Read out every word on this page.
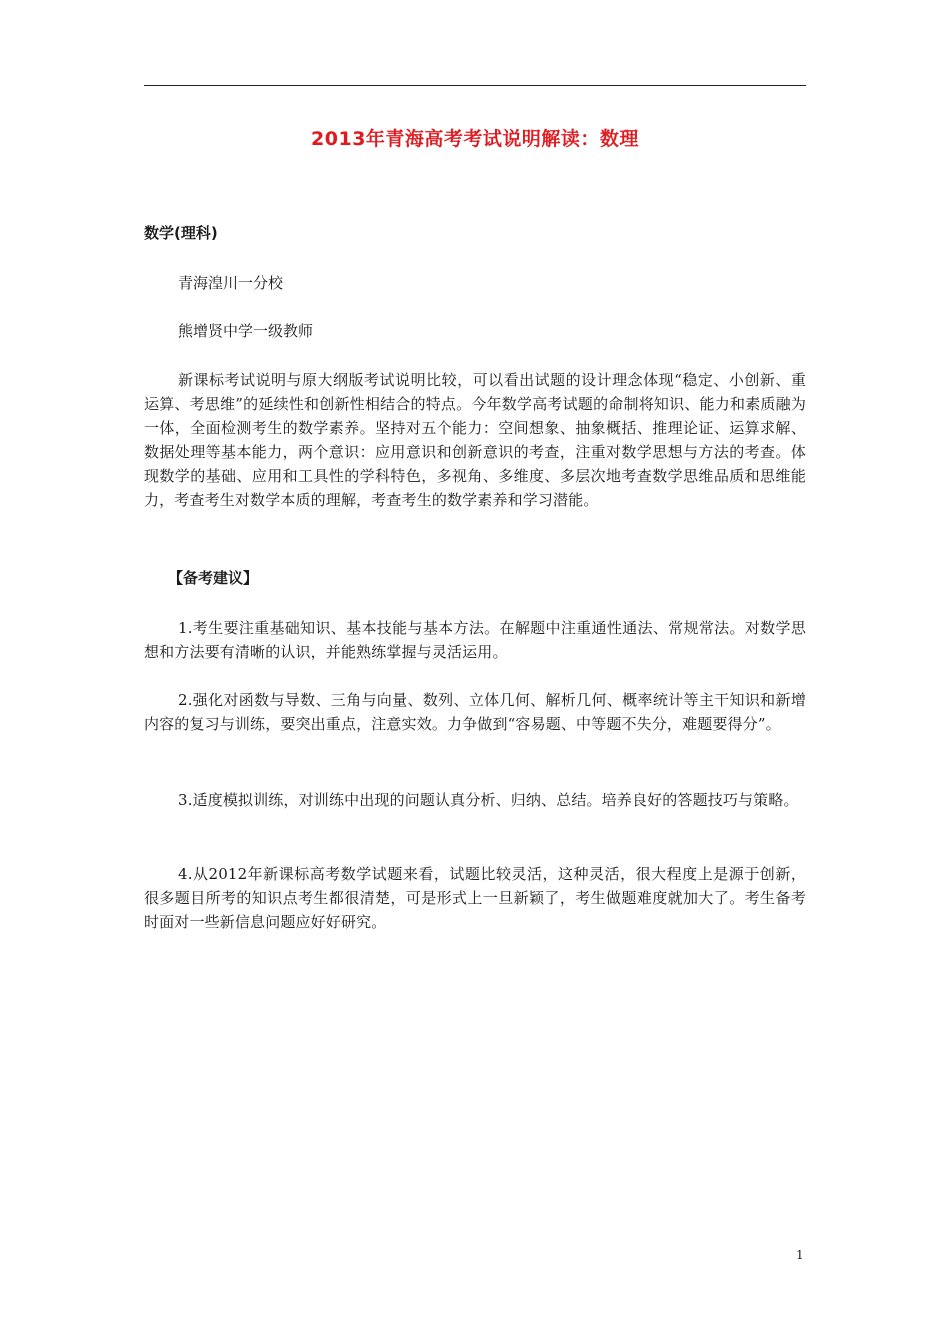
2013年青海高考考试说明解读：数理

数学(理科)

青海湟川一分校

熊增贤中学一级教师

新课标考试说明与原大纲版考试说明比较，可以看出试题的设计理念体现“稳定、小创新、重运算、考思维”的延续性和创新性相结合的特点。今年数学高考试题的命制将知识、能力和素质融为一体，全面检测考生的数学素养。坚持对五个能力：空间想象、抽象概括、推理论证、运算求解、数据处理等基本能力，两个意识：应用意识和创新意识的考查，注重对数学思想与方法的考查。体现数学的基础、应用和工具性的学科特色，多视角、多维度、多层次地考查数学思维品质和思维能力，考查考生对数学本质的理解，考查考生的数学素养和学习潜能。

【备考建议】

1.考生要注重基础知识、基本技能与基本方法。在解题中注重通性通法、常规常法。对数学思想和方法要有清晰的认识，并能熟练掌握与灵活运用。

2.强化对函数与导数、三角与向量、数列、立体几何、解析几何、概率统计等主干知识和新增内容的复习与训练，要突出重点，注意实效。力争做到“容易题、中等题不失分，难题要得分”。

3.适度模拟训练，对训练中出现的问题认真分析、归纳、总结。培养良好的答题技巧与策略。

4.从2012年新课标高考数学试题来看，试题比较灵活，这种灵活，很大程度上是源于创新，很多题目所考的知识点考生都很清楚，可是形式上一旦新颖了，考生做题难度就加大了。考生备考时面对一些新信息问题应好好研究。

1
